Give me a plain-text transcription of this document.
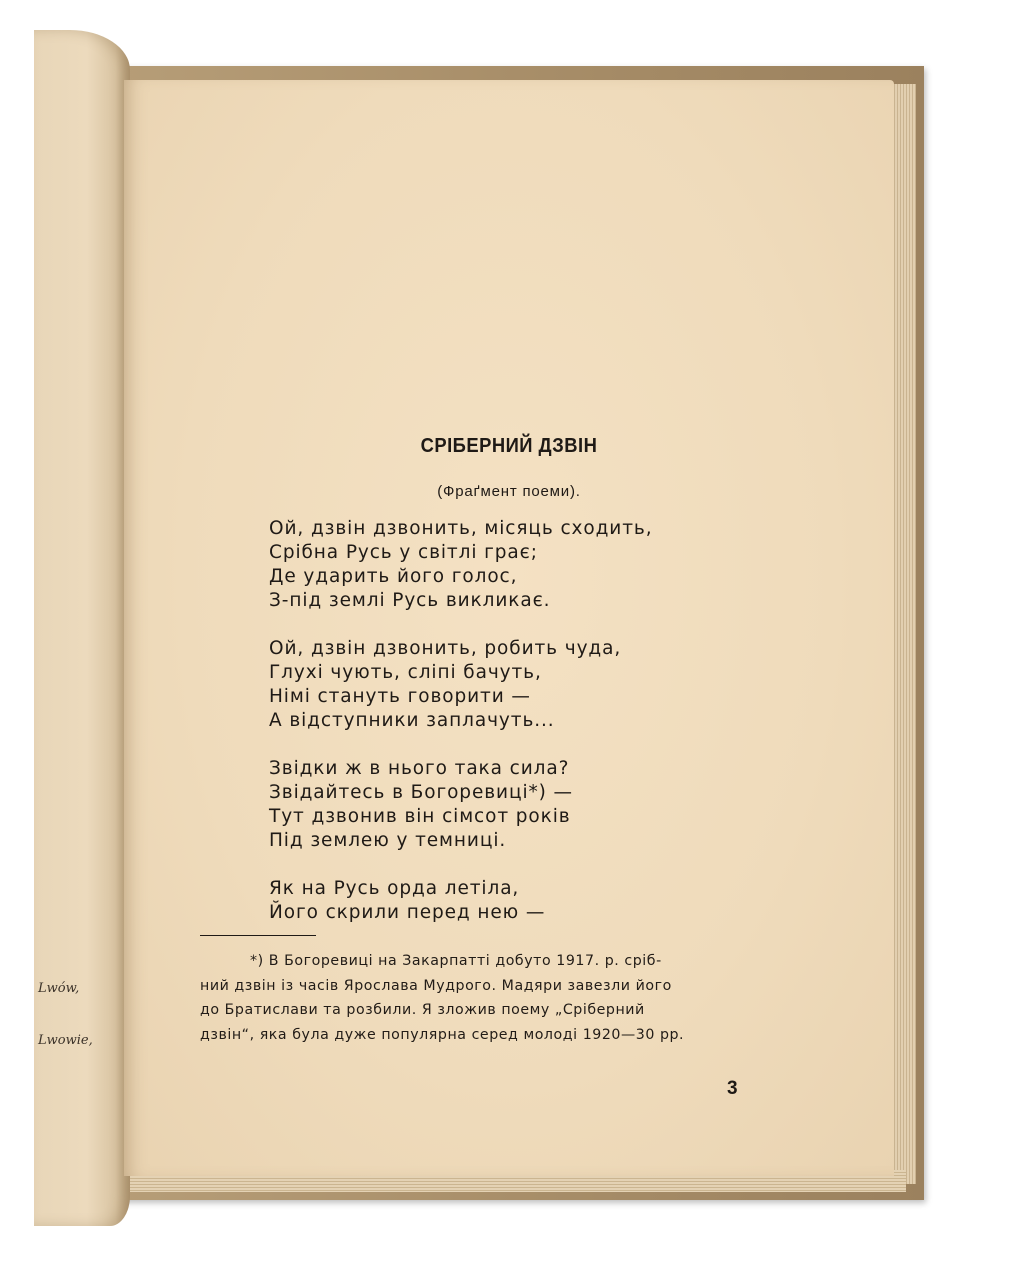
Lwów,
Lwowie,
СРІБЕРНИЙ ДЗВІН
(Фраґмент поеми).
Ой, дзвін дзвонить, місяць сходить,
Срібна Русь у світлі грає;
Де ударить його голос,
З-під землі Русь викликає.
Ой, дзвін дзвонить, робить чуда,
Глухі чують, сліпі бачуть,
Німі стануть говорити —
А відступники заплачуть...
Звідки ж в нього така сила?
Звідайтесь в Богоревиці*) —
Тут дзвонив він сімсот років
Під землею у темниці.
Як на Русь орда летіла,
Його скрили перед нею —
*) В Богоревиці на Закарпатті добуто 1917. р. сріб-
ний дзвін із часів Ярослава Мудрого. Мадяри завезли його
до Братислави та розбили. Я зложив поему „Сріберний
дзвін“, яка була дуже популярна серед молоді 1920—30 рр.
3
